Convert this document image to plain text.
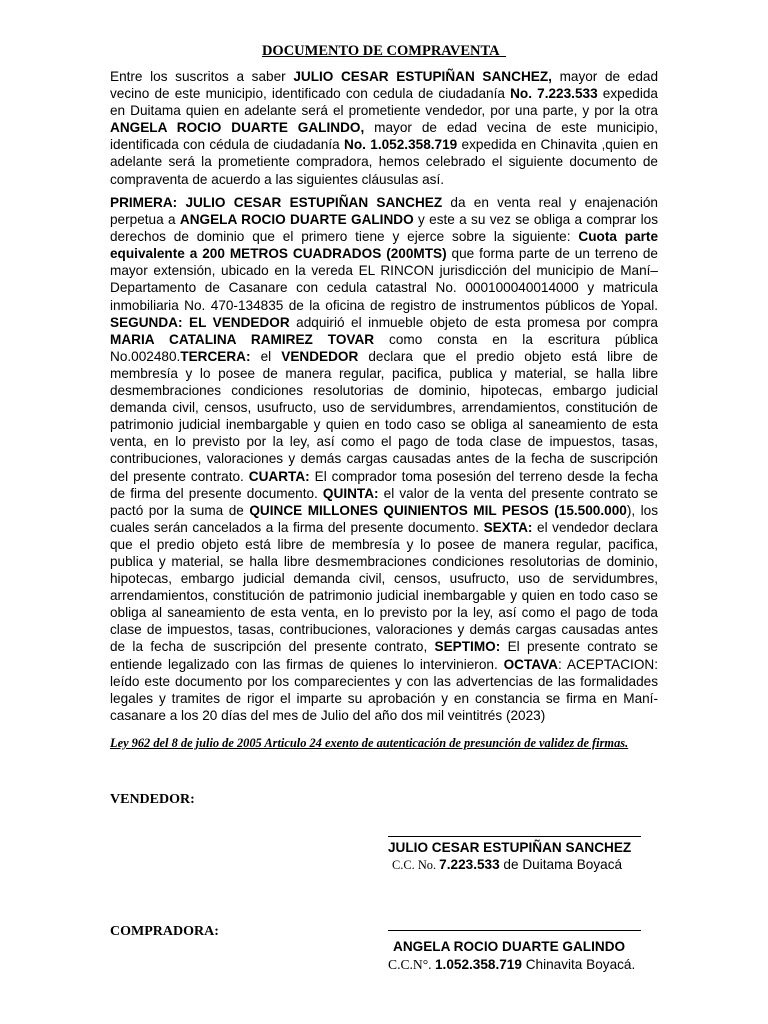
DOCUMENTO DE COMPRAVENTA

Entre los suscritos a saber JULIO CESAR ESTUPIÑAN SANCHEZ, mayor de edad vecino de este municipio, identificado con cedula de ciudadanía No. 7.223.533 expedida en Duitama quien en adelante será el prometiente vendedor, por una parte, y por la otra ANGELA ROCIO DUARTE GALINDO, mayor de edad vecina de este municipio, identificada con cédula de ciudadanía No. 1.052.358.719 expedida en Chinavita ,quien en adelante será la prometiente compradora, hemos celebrado el siguiente documento de compraventa de acuerdo a las siguientes cláusulas así.

PRIMERA: JULIO CESAR ESTUPIÑAN SANCHEZ da en venta real y enajenación perpetua a ANGELA ROCIO DUARTE GALINDO y este a su vez se obliga a comprar los derechos de dominio que el primero tiene y ejerce sobre la siguiente: Cuota parte equivalente a 200 METROS CUADRADOS (200MTS) que forma parte de un terreno de mayor extensión, ubicado en la vereda EL RINCON jurisdicción del municipio de Maní–Departamento de Casanare con cedula catastral No. 000100040014000 y matricula inmobiliaria No. 470-134835 de la oficina de registro de instrumentos públicos de Yopal. SEGUNDA: EL VENDEDOR adquirió el inmueble objeto de esta promesa por compra MARIA CATALINA RAMIREZ TOVAR como consta en la escritura pública No.002480.TERCERA: el VENDEDOR declara que el predio objeto está libre de membresía y lo posee de manera regular, pacifica, publica y material, se halla libre desmembraciones condiciones resolutorias de dominio, hipotecas, embargo judicial demanda civil, censos, usufructo, uso de servidumbres, arrendamientos, constitución de patrimonio judicial inembargable y quien en todo caso se obliga al saneamiento de esta venta, en lo previsto por la ley, así como el pago de toda clase de impuestos, tasas, contribuciones, valoraciones y demás cargas causadas antes de la fecha de suscripción del presente contrato. CUARTA: El comprador toma posesión del terreno desde la fecha de firma del presente documento. QUINTA: el valor de la venta del presente contrato se pactó por la suma de QUINCE MILLONES QUINIENTOS MIL PESOS (15.500.000), los cuales serán cancelados a la firma del presente documento. SEXTA: el vendedor declara que el predio objeto está libre de membresía y lo posee de manera regular, pacifica, publica y material, se halla libre desmembraciones condiciones resolutorias de dominio, hipotecas, embargo judicial demanda civil, censos, usufructo, uso de servidumbres, arrendamientos, constitución de patrimonio judicial inembargable y quien en todo caso se obliga al saneamiento de esta venta, en lo previsto por la ley, así como el pago de toda clase de impuestos, tasas, contribuciones, valoraciones y demás cargas causadas antes de la fecha de suscripción del presente contrato, SEPTIMO: El presente contrato se entiende legalizado con las firmas de quienes lo intervinieron. OCTAVA: ACEPTACION: leído este documento por los comparecientes y con las advertencias de las formalidades legales y tramites de rigor el imparte su aprobación y en constancia se firma en Maní-casanare a los 20 días del mes de Julio del año dos mil veintitrés (2023)

Ley 962 del 8 de julio de 2005 Articulo 24 exento de autenticación de presunción de validez de firmas.

VENDEDOR:
JULIO CESAR ESTUPIÑAN SANCHEZ
C.C. No. 7.223.533 de Duitama Boyacá
COMPRADORA:
ANGELA ROCIO DUARTE GALINDO
C.C.N°. 1.052.358.719 Chinavita Boyacá.
